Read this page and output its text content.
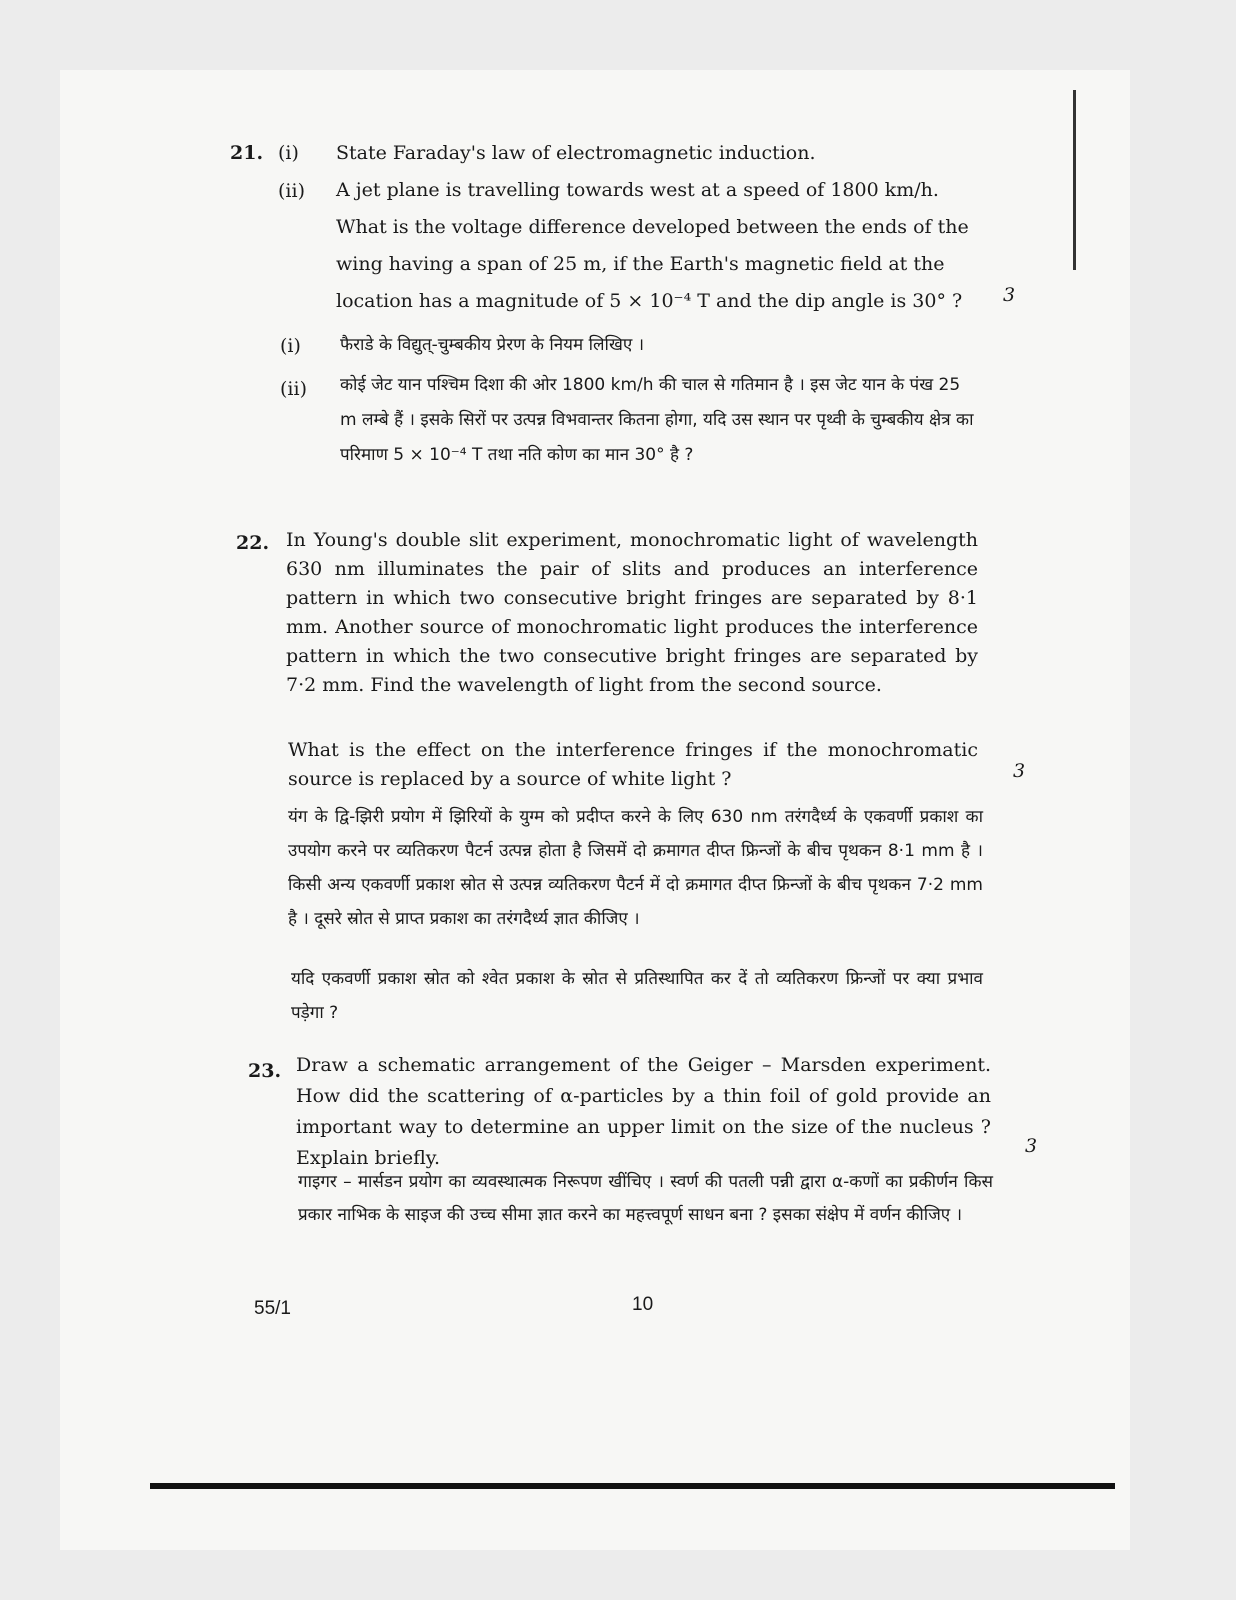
21. (i) State Faraday's law of electromagnetic induction.
(ii) A jet plane is travelling towards west at a speed of 1800 km/h. What is the voltage difference developed between the ends of the wing having a span of 25 m, if the Earth's magnetic field at the location has a magnitude of 5 × 10⁻⁴ T and the dip angle is 30° ?	3
(i) फैराडे के विद्युत्-चुम्बकीय प्रेरण के नियम लिखिए ।
(ii) कोई जेट यान पश्चिम दिशा की ओर 1800 km/h की चाल से गतिमान है । इस जेट यान के पंख 25 m लम्बे हैं । इसके सिरों पर उत्पन्न विभवान्तर कितना होगा, यदि उस स्थान पर पृथ्वी के चुम्बकीय क्षेत्र का परिमाण 5 × 10⁻⁴ T तथा नति कोण का मान 30° है ?
22. In Young's double slit experiment, monochromatic light of wavelength 630 nm illuminates the pair of slits and produces an interference pattern in which two consecutive bright fringes are separated by 8·1 mm. Another source of monochromatic light produces the interference pattern in which the two consecutive bright fringes are separated by 7·2 mm. Find the wavelength of light from the second source.
What is the effect on the interference fringes if the monochromatic source is replaced by a source of white light ?	3
यंग के द्वि-झिरी प्रयोग में झिरियों के युग्म को प्रदीप्त करने के लिए 630 nm तरंगदैर्ध्य के एकवर्णी प्रकाश का उपयोग करने पर व्यतिकरण पैटर्न उत्पन्न होता है जिसमें दो क्रमागत दीप्त फ्रिन्जों के बीच पृथकन 8·1 mm है । किसी अन्य एकवर्णी प्रकाश स्रोत से उत्पन्न व्यतिकरण पैटर्न में दो क्रमागत दीप्त फ्रिन्जों के बीच पृथकन 7·2 mm है । दूसरे स्रोत से प्राप्त प्रकाश का तरंगदैर्ध्य ज्ञात कीजिए ।
यदि एकवर्णी प्रकाश स्रोत को श्वेत प्रकाश के स्रोत से प्रतिस्थापित कर दें तो व्यतिकरण फ्रिन्जों पर क्या प्रभाव पड़ेगा ?
23. Draw a schematic arrangement of the Geiger – Marsden experiment. How did the scattering of α-particles by a thin foil of gold provide an important way to determine an upper limit on the size of the nucleus ? Explain briefly.
3
गाइगर – मार्सडन प्रयोग का व्यवस्थात्मक निरूपण खींचिए । स्वर्ण की पतली पन्नी द्वारा α-कणों का प्रकीर्णन किस प्रकार नाभिक के साइज की उच्च सीमा ज्ञात करने का महत्त्वपूर्ण साधन बना ? इसका संक्षेप में वर्णन कीजिए ।
55/1	10
